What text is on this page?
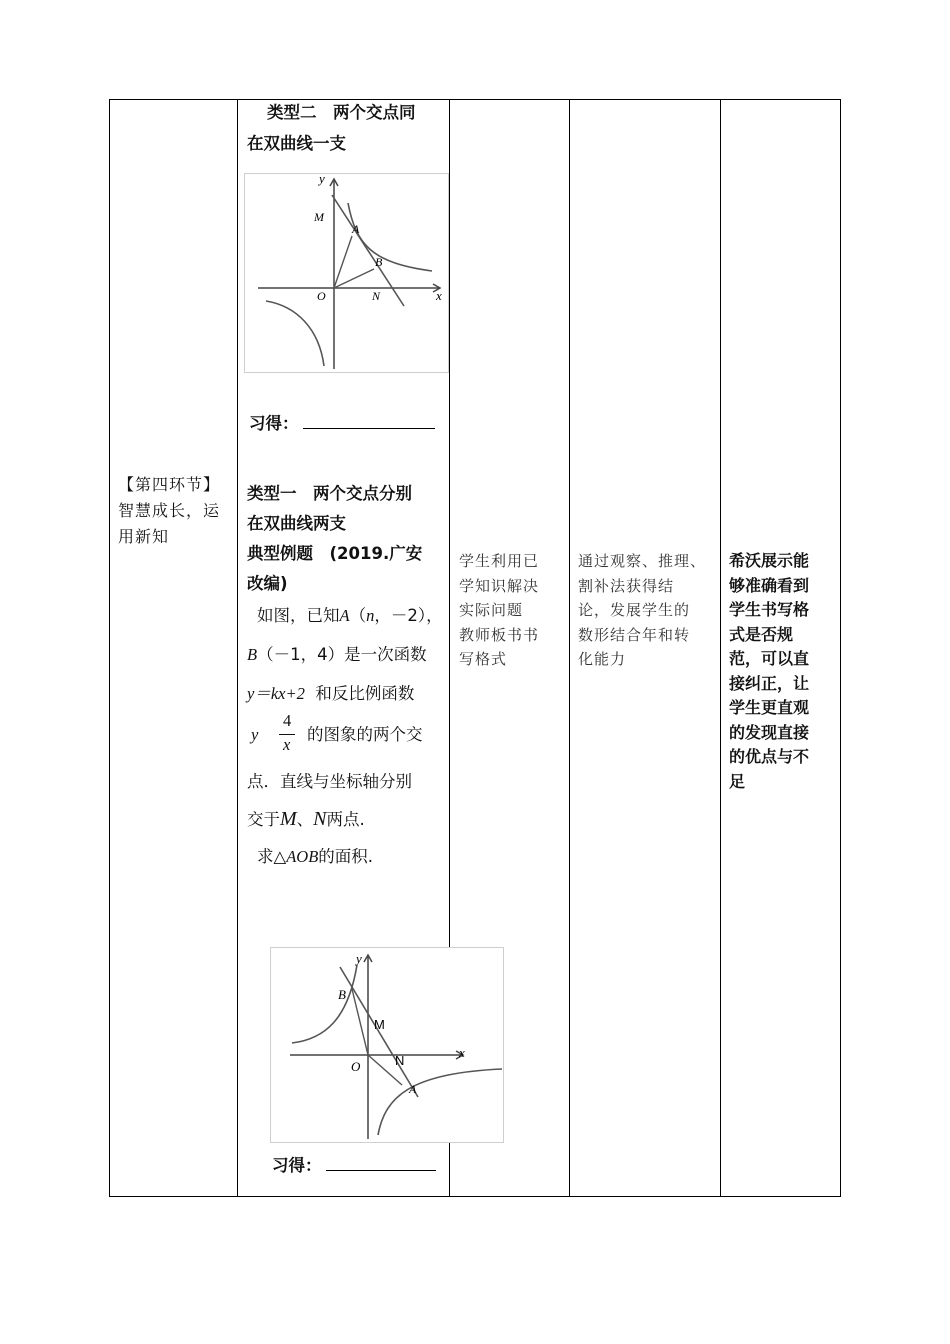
【第四环节】
智慧成长，运
用新知
类型二　两个交点同
在双曲线一支
y
x
M
A
B
O	N
习得：
类型一　两个交点分别
在双曲线两支
典型例题　(2019.广安
改编)
如图，已知A（n，－2），
B（－1，4）是一次函数
y＝kx+2 和反比例函数
y
4
x
的图象的两个交
点．直线与坐标轴分别
交于M、N两点.
求△AOB的面积.
y
x
B
M
O	N
A
习得：
学生利用已
学知识解决
实际问题
教师板书书
写格式
通过观察、推理、
割补法获得结
论，发展学生的
数形结合年和转
化能力
希沃展示能
够准确看到
学生书写格
式是否规
范，可以直
接纠正，让
学生更直观
的发现直接
的优点与不
足
